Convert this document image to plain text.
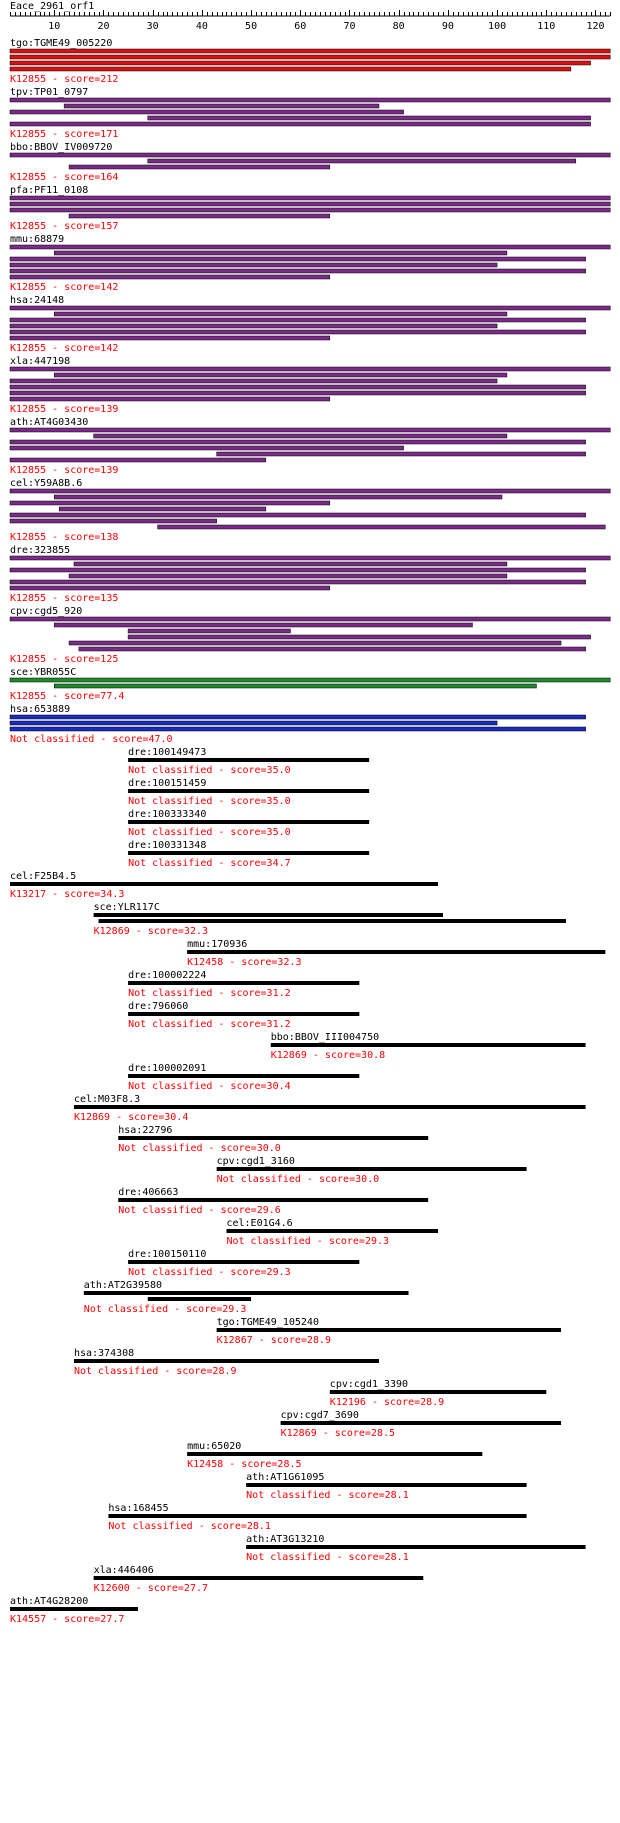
Eace_2961_orf1
10	20	30	40	50	60	70	80	90	100	110	120
tgo:TGME49_005220
K12855 - score=212
tpv:TP01_0797
K12855 - score=171
bbo:BBOV_IV009720
K12855 - score=164
pfa:PF11_0108
K12855 - score=157
mmu:68879
K12855 - score=142
hsa:24148
K12855 - score=142
xla:447198
K12855 - score=139
ath:AT4G03430
K12855 - score=139
cel:Y59A8B.6
K12855 - score=138
dre:323855
K12855 - score=135
cpv:cgd5_920
K12855 - score=125
sce:YBR055C
K12855 - score=77.4
hsa:653889
Not classified - score=47.0
dre:100149473
Not classified - score=35.0
dre:100151459
Not classified - score=35.0
dre:100333340
Not classified - score=35.0
dre:100331348
Not classified - score=34.7
cel:F25B4.5
K13217 - score=34.3
sce:YLR117C
K12869 - score=32.3
mmu:170936
K12458 - score=32.3
dre:100002224
Not classified - score=31.2
dre:796060
Not classified - score=31.2
bbo:BBOV_III004750
K12869 - score=30.8
dre:100002091
Not classified - score=30.4
cel:M03F8.3
K12869 - score=30.4
hsa:22796
Not classified - score=30.0
cpv:cgd1_3160
Not classified - score=30.0
dre:406663
Not classified - score=29.6
cel:E01G4.6
Not classified - score=29.3
dre:100150110
Not classified - score=29.3
ath:AT2G39580
Not classified - score=29.3
tgo:TGME49_105240
K12867 - score=28.9
hsa:374308
Not classified - score=28.9
cpv:cgd1_3390
K12196 - score=28.9
cpv:cgd7_3690
K12869 - score=28.5
mmu:65020
K12458 - score=28.5
ath:AT1G61095
Not classified - score=28.1
hsa:168455
Not classified - score=28.1
ath:AT3G13210
Not classified - score=28.1
xla:446406
K12600 - score=27.7
ath:AT4G28200
K14557 - score=27.7
